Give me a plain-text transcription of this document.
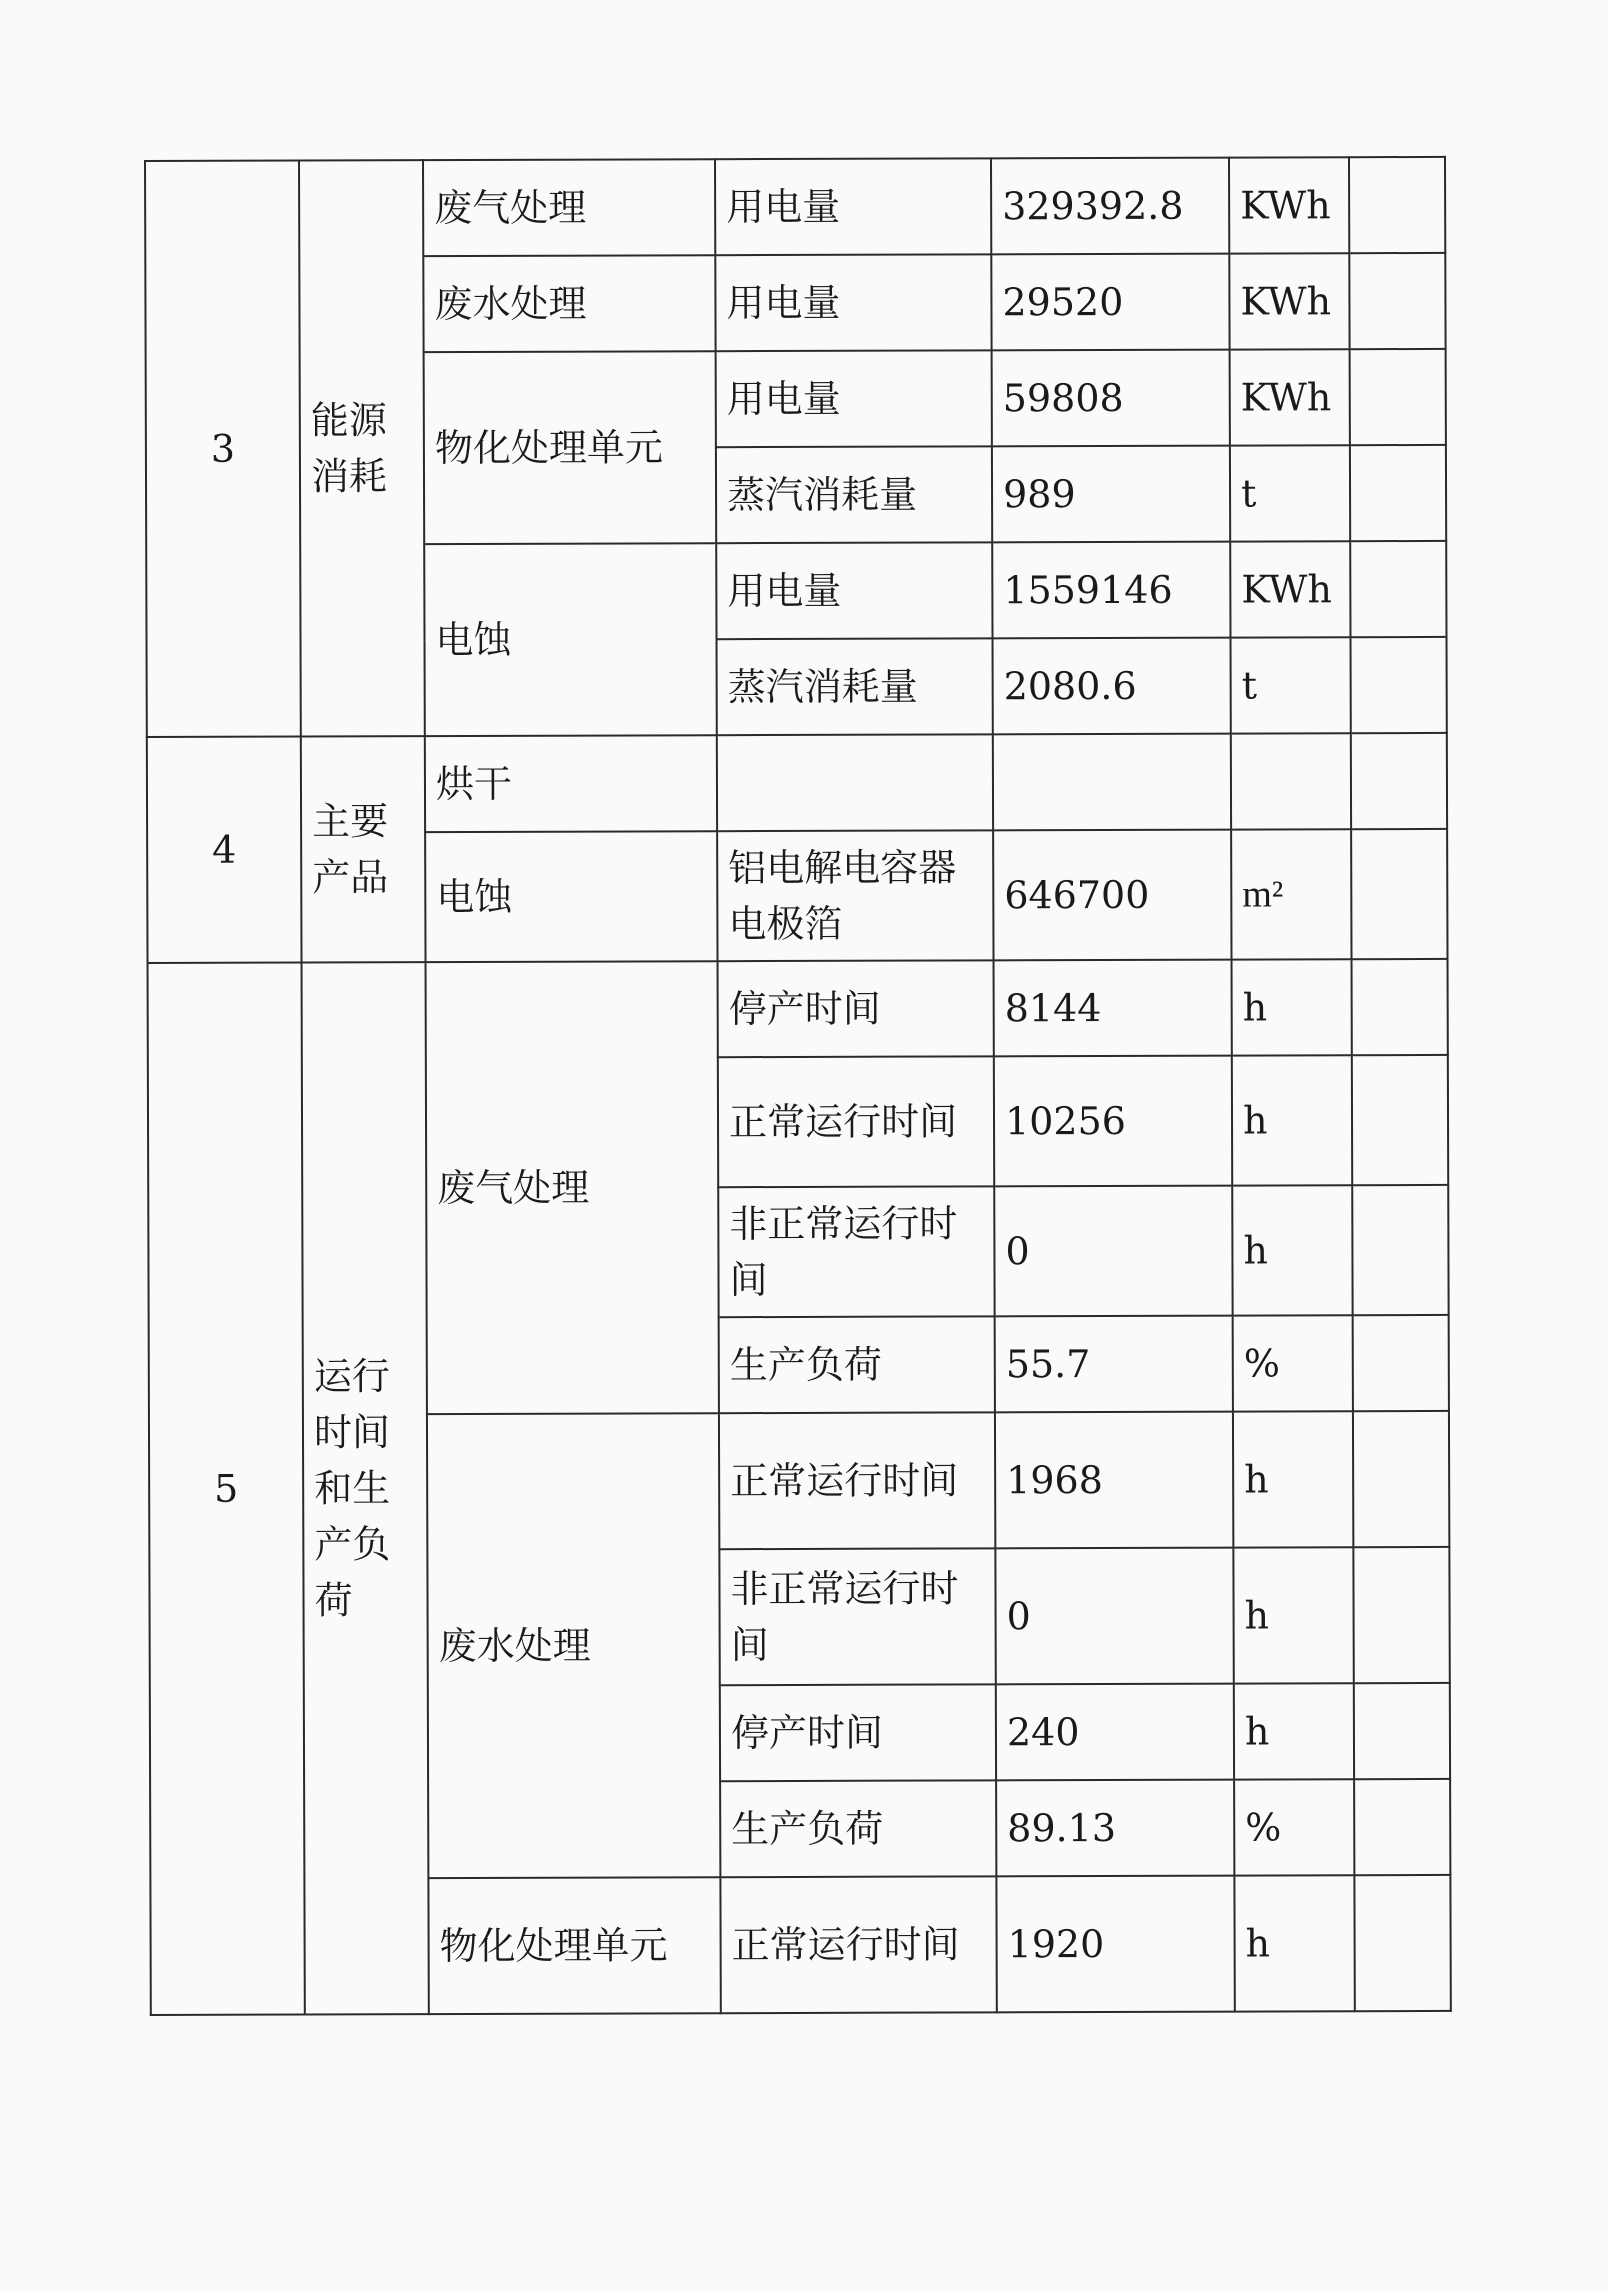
3	能源消耗	废气处理	用电量	329392.8	KWh	
		废水处理	用电量	29520	KWh	
		物化处理单元	用电量	59808	KWh	
			蒸汽消耗量	989	t	
		电蚀	用电量	1559146	KWh	
			蒸汽消耗量	2080.6	t	
4	主要产品	烘干				
		电蚀	铝电解电容器电极箔	646700	m²	
5	运行时间和生产负荷	废气处理	停产时间	8144	h	
			正常运行时间	10256	h	
			非正常运行时间	0	h	
			生产负荷	55.7	%	
		废水处理	正常运行时间	1968	h	
			非正常运行时间	0	h	
			停产时间	240	h	
			生产负荷	89.13	%	
		物化处理单元	正常运行时间	1920	h	
